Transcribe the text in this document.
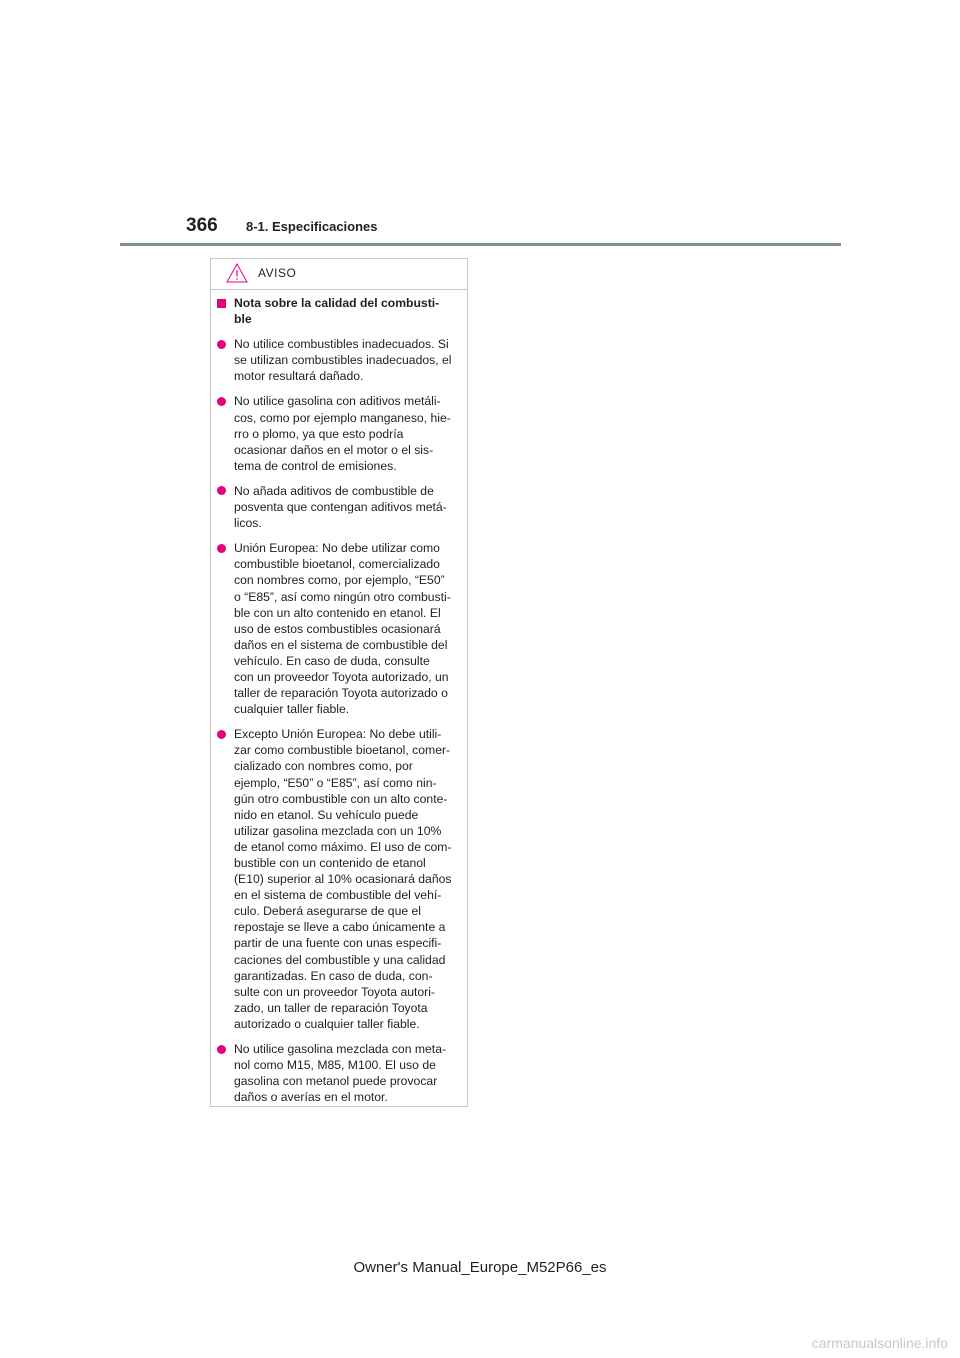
366 8-1. Especificaciones
AVISO
Nota sobre la calidad del combusti-
ble
No utilice combustibles inadecuados. Si
se utilizan combustibles inadecuados, el
motor resultará dañado.
No utilice gasolina con aditivos metáli-
cos, como por ejemplo manganeso, hie-
rro o plomo, ya que esto podría
ocasionar daños en el motor o el sis-
tema de control de emisiones.
No añada aditivos de combustible de
posventa que contengan aditivos metá-
licos.
Unión Europea: No debe utilizar como
combustible bioetanol, comercializado
con nombres como, por ejemplo, “E50”
o “E85”, así como ningún otro combusti-
ble con un alto contenido en etanol. El
uso de estos combustibles ocasionará
daños en el sistema de combustible del
vehículo. En caso de duda, consulte
con un proveedor Toyota autorizado, un
taller de reparación Toyota autorizado o
cualquier taller fiable.
Excepto Unión Europea: No debe utili-
zar como combustible bioetanol, comer-
cializado con nombres como, por
ejemplo, “E50” o “E85”, así como nin-
gún otro combustible con un alto conte-
nido en etanol. Su vehículo puede
utilizar gasolina mezclada con un 10%
de etanol como máximo. El uso de com-
bustible con un contenido de etanol
(E10) superior al 10% ocasionará daños
en el sistema de combustible del vehí-
culo. Deberá asegurarse de que el
repostaje se lleve a cabo únicamente a
partir de una fuente con unas especifi-
caciones del combustible y una calidad
garantizadas. En caso de duda, con-
sulte con un proveedor Toyota autori-
zado, un taller de reparación Toyota
autorizado o cualquier taller fiable.
No utilice gasolina mezclada con meta-
nol como M15, M85, M100. El uso de
gasolina con metanol puede provocar
daños o averías en el motor.
Owner's Manual_Europe_M52P66_es
carmanualsonline.info
